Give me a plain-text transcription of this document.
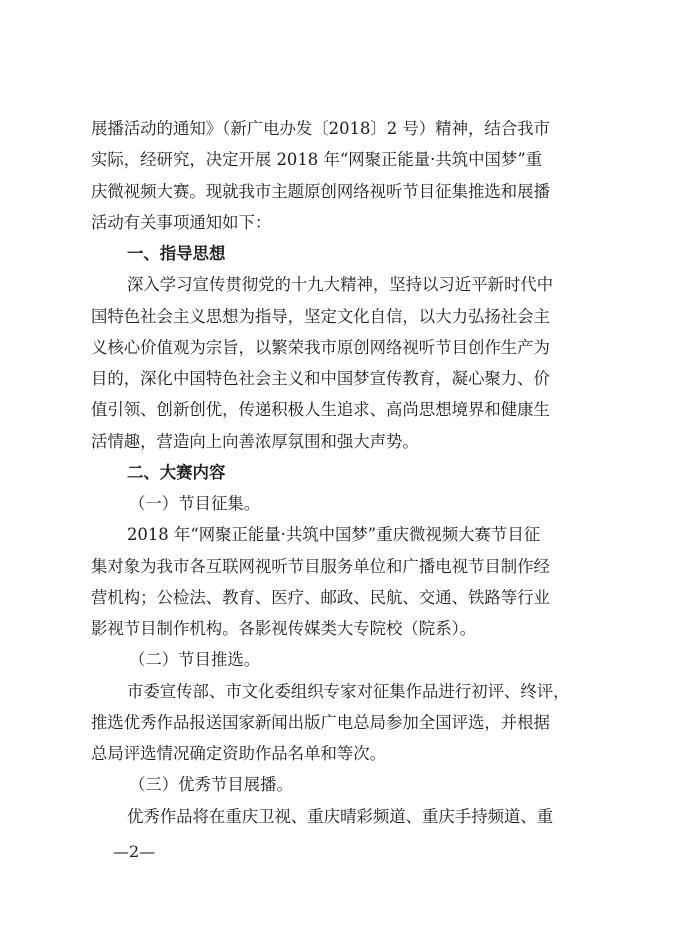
展播活动的通知》（新广电办发〔2018〕2 号）精神，结合我市
实际，经研究，决定开展 2018 年“网聚正能量·共筑中国梦”重
庆微视频大赛。现就我市主题原创网络视听节目征集推选和展播
活动有关事项通知如下：
一、指导思想
深入学习宣传贯彻党的十九大精神，坚持以习近平新时代中
国特色社会主义思想为指导，坚定文化自信，以大力弘扬社会主
义核心价值观为宗旨，以繁荣我市原创网络视听节目创作生产为
目的，深化中国特色社会主义和中国梦宣传教育，凝心聚力、价
值引领、创新创优，传递积极人生追求、高尚思想境界和健康生
活情趣，营造向上向善浓厚氛围和强大声势。
二、大赛内容
（一）节目征集。
2018 年“网聚正能量·共筑中国梦”重庆微视频大赛节目征
集对象为我市各互联网视听节目服务单位和广播电视节目制作经
营机构；公检法、教育、医疗、邮政、民航、交通、铁路等行业
影视节目制作机构。各影视传媒类大专院校（院系）。
（二）节目推选。
市委宣传部、市文化委组织专家对征集作品进行初评、终评，
推选优秀作品报送国家新闻出版广电总局参加全国评选，并根据
总局评选情况确定资助作品名单和等次。
（三）优秀节目展播。
优秀作品将在重庆卫视、重庆晴彩频道、重庆手持频道、重
—2—
